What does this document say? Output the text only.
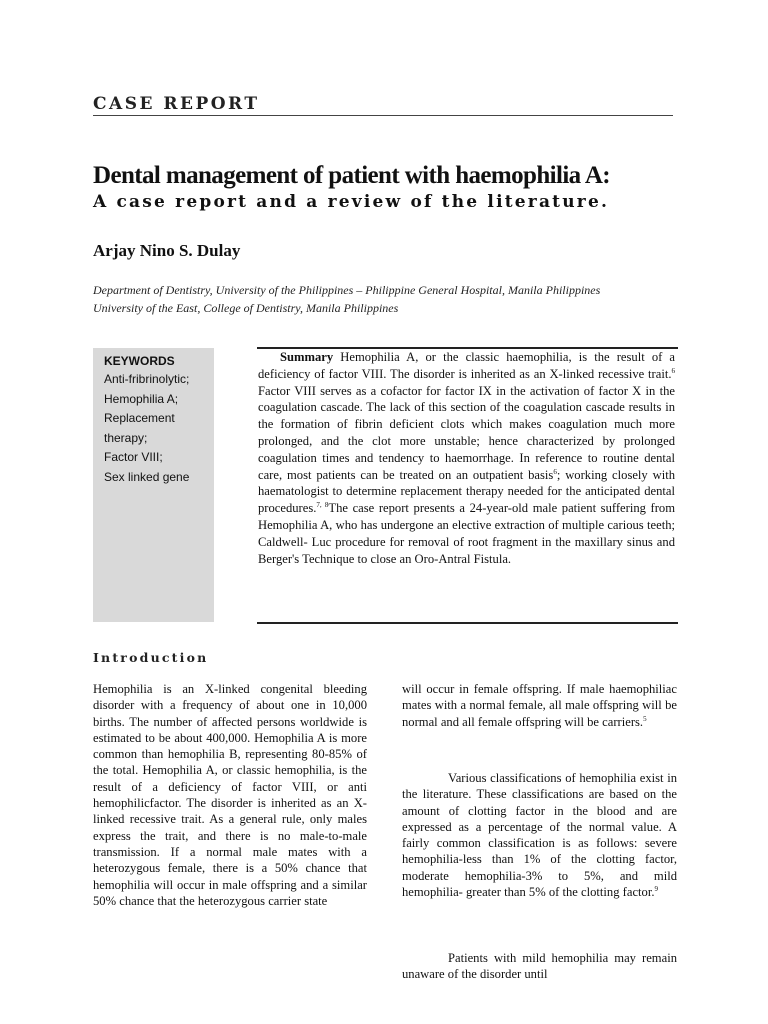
CASE REPORT
Dental management of patient with haemophilia A:
A case report and a review of the literature.
Arjay Nino S. Dulay
Department of Dentistry, University of the Philippines – Philippine General Hospital, Manila Philippines
University of the East, College of Dentistry, Manila Philippines
KEYWORDS
Anti-fribrinolytic;
Hemophilia A;
Replacement
therapy;
Factor VIII;
Sex linked gene

Summary Hemophilia A, or the classic haemophilia, is the result of a deficiency of factor VIII. The disorder is inherited as an X-linked recessive trait.$^6$ Factor VIII serves as a cofactor for factor IX in the activation of factor X in the coagulation cascade. The lack of this section of the coagulation cascade results in the formation of fibrin deficient clots which makes coagulation much more prolonged, and the clot more unstable; hence characterized by prolonged coagulation times and tendency to haemorrhage. In reference to routine dental care, most patients can be treated on an outpatient basis$^6$; working closely with haematologist to determine replacement therapy needed for the anticipated dental procedures.$^{7, 8}$The case report presents a 24-year-old male patient suffering from Hemophilia A, who has undergone an elective extraction of multiple carious teeth; Caldwell- Luc procedure for removal of root fragment in the maxillary sinus and Berger's Technique to close an Oro-Antral Fistula.

Introduction

Hemophilia is an X-linked congenital bleeding disorder with a frequency of about one in 10,000 births. The number of affected persons worldwide is estimated to be about 400,000. Hemophilia A is more common than hemophilia B, representing 80-85% of the total. Hemophilia A, or classic hemophilia, is the result of a deficiency of factor VIII, or anti hemophilicfactor. The disorder is inherited as an X-linked recessive trait. As a general rule, only males express the trait, and there is no male-to-male transmission. If a normal male mates with a heterozygous female, there is a 50% chance that hemophilia will occur in male offspring and a similar 50% chance that the heterozygous carrier state

will occur in female offspring. If male haemophiliac mates with a normal female, all male offspring will be normal and all female offspring will be carriers.$^5$

Various classifications of hemophilia exist in the literature. These classifications are based on the amount of clotting factor in the blood and are expressed as a percentage of the normal value. A fairly common classification is as follows: severe hemophilia-less than 1% of the clotting factor, moderate hemophilia-3% to 5%, and mild hemophilia- greater than 5% of the clotting factor.$^9$

Patients with mild hemophilia may remain unaware of the disorder until
